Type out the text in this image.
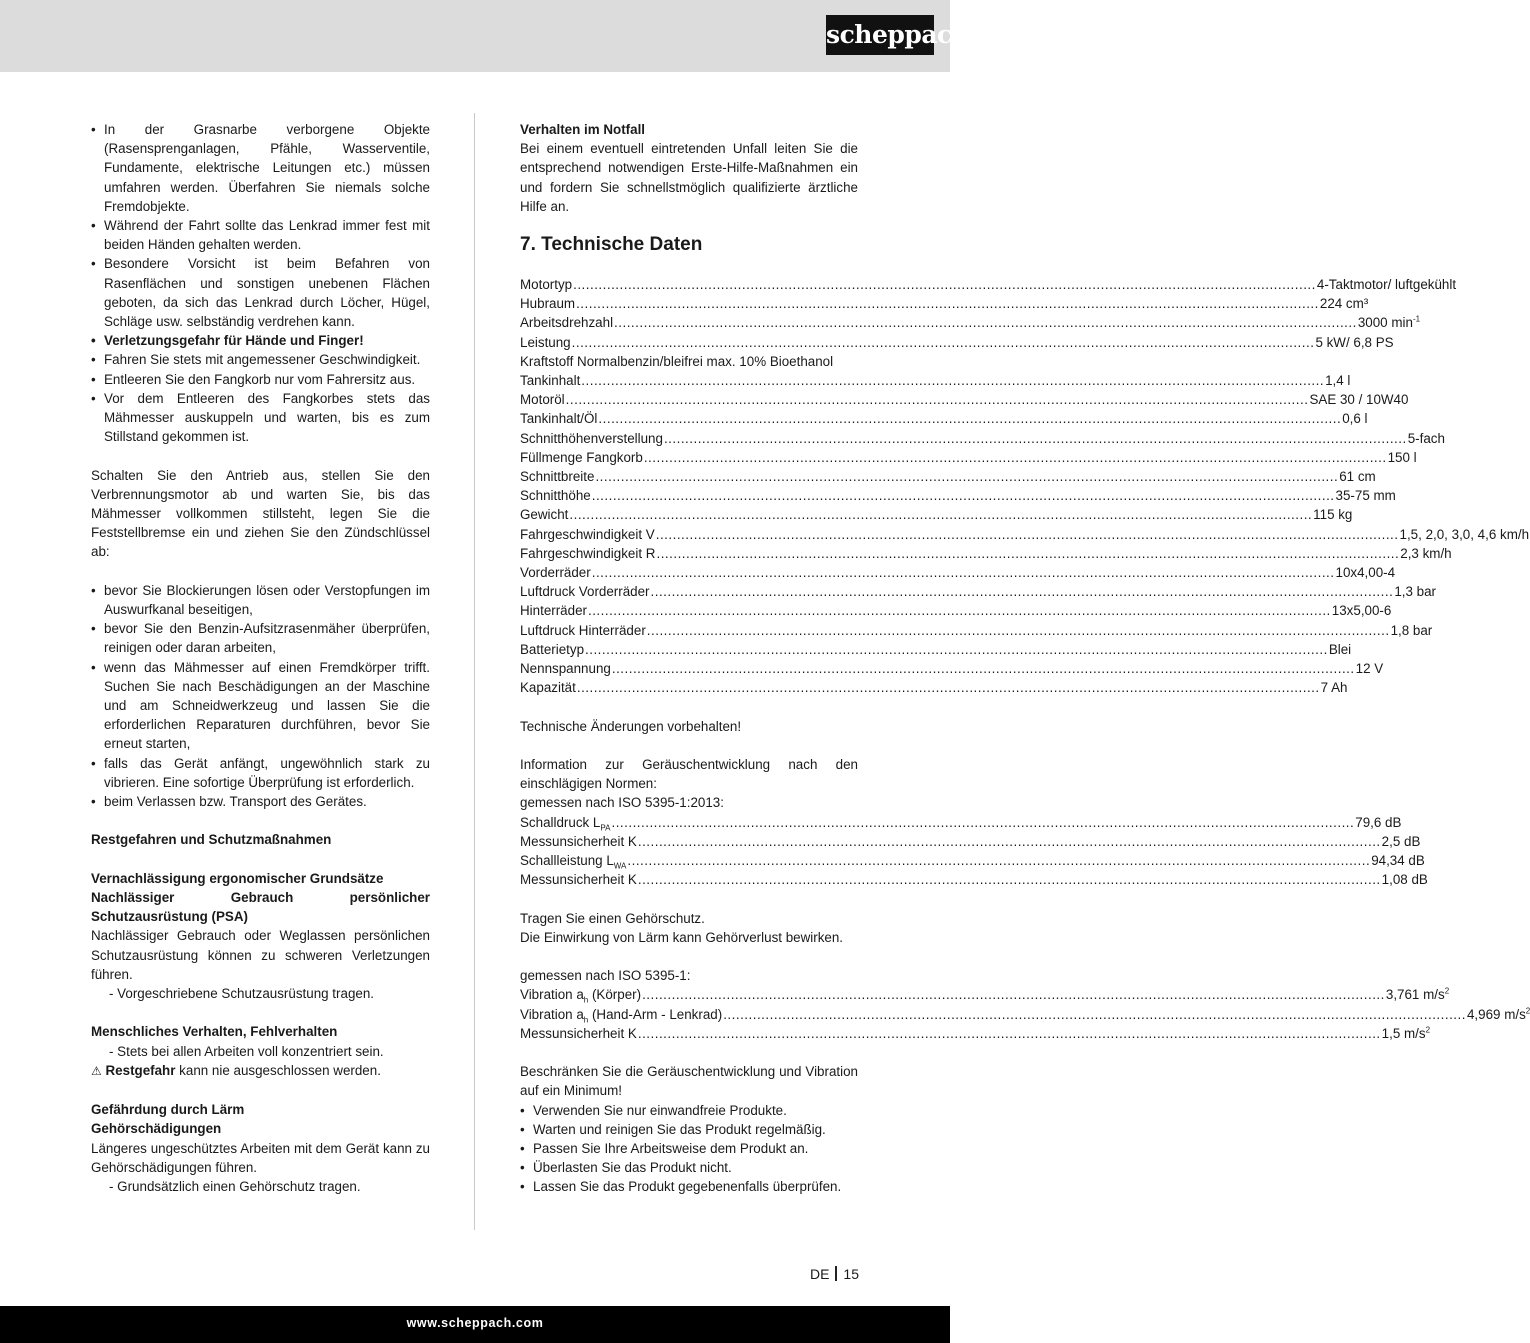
scheppach
• In der Grasnarbe verborgene Objekte (Rasensprenganlagen, Pfähle, Wasserventile, Fundamente, elektrische Leitungen etc.) müssen umfahren werden. Überfahren Sie niemals solche Fremdobjekte.
• Während der Fahrt sollte das Lenkrad immer fest mit beiden Händen gehalten werden.
• Besondere Vorsicht ist beim Befahren von Rasenflächen und sonstigen unebenen Flächen geboten, da sich das Lenkrad durch Löcher, Hügel, Schläge usw. selbständig verdrehen kann.
• Verletzungsgefahr für Hände und Finger!
• Fahren Sie stets mit angemessener Geschwindigkeit.
• Entleeren Sie den Fangkorb nur vom Fahrersitz aus.
• Vor dem Entleeren des Fangkorbes stets das Mähmesser auskuppeln und warten, bis es zum Stillstand gekommen ist.

Schalten Sie den Antrieb aus, stellen Sie den Verbrennungsmotor ab und warten Sie, bis das Mähmesser vollkommen stillsteht, legen Sie die Feststellbremse ein und ziehen Sie den Zündschlüssel ab:

• bevor Sie Blockierungen lösen oder Verstopfungen im Auswurfkanal beseitigen,
• bevor Sie den Benzin-Aufsitzrasenmäher überprüfen, reinigen oder daran arbeiten,
• wenn das Mähmesser auf einen Fremdkörper trifft. Suchen Sie nach Beschädigungen an der Maschine und am Schneidwerkzeug und lassen Sie die erforderlichen Reparaturen durchführen, bevor Sie erneut starten,
• falls das Gerät anfängt, ungewöhnlich stark zu vibrieren. Eine sofortige Überprüfung ist erforderlich.
• beim Verlassen bzw. Transport des Gerätes.

Restgefahren und Schutzmaßnahmen

Vernachlässigung ergonomischer Grundsätze

Nachlässiger Gebrauch persönlicher Schutzausrüstung (PSA)

Nachlässiger Gebrauch oder Weglassen persönlichen Schutzausrüstung können zu schweren Verletzungen führen.

- Vorgeschriebene Schutzausrüstung tragen.

Menschliches Verhalten, Fehlverhalten

- Stets bei allen Arbeiten voll konzentriert sein.

⚠ Restgefahr kann nie ausgeschlossen werden.

Gefährdung durch Lärm

Gehörschädigungen

Längeres ungeschütztes Arbeiten mit dem Gerät kann zu Gehörschädigungen führen.

- Grundsätzlich einen Gehörschutz tragen.

Verhalten im Notfall

Bei einem eventuell eintretenden Unfall leiten Sie die entsprechend notwendigen Erste-Hilfe-Maßnahmen ein und fordern Sie schnellstmöglich qualifizierte ärztliche Hilfe an.

7. Technische Daten
Motortyp .....	4-Taktmotor/ luftgekühlt
Hubraum .....	224 cm³
Arbeitsdrehzahl .....	3000 $\min^{-1}$
Leistung .....	5 kW/ 6,8 PS
Kraftstoff Normalbenzin/bleifrei max. 10% Bioethanol
Tankinhalt .....	1,4 l
Motoröl .....	SAE 30 / 10W40
Tankinhalt/Öl .....	0,6 l
Schnitthöhenverstellung .....	5-fach
Füllmenge Fangkorb .....	150 l
Schnittbreite .....	61 cm
Schnitthöhe .....	35-75 mm
Gewicht .....	115 kg
Fahrgeschwindigkeit V .....	1,5, 2,0, 3,0, 4,6 km/h
Fahrgeschwindigkeit R .....	2,3 km/h
Vorderräder .....	10x4,00-4
Luftdruck Vorderräder .....	1,3 bar
Hinterräder .....	13x5,00-6
Luftdruck Hinterräder .....	1,8 bar
Batterietyp .....	Blei
Nennspannung .....	12 V
Kapazität .....	7 Ah

Technische Änderungen vorbehalten!

Information zur Geräuschentwicklung nach den einschlägigen Normen:

gemessen nach ISO 5395-1:2013:

Schalldruck $L_{PA}$ .....	79,6 dB
Messunsicherheit K .....	2,5 dB
Schallleistung $L_{WA}$ .....	94,34 dB
Messunsicherheit K .....	1,08 dB

Tragen Sie einen Gehörschutz.

Die Einwirkung von Lärm kann Gehörverlust bewirken.

gemessen nach ISO 5395-1:

Vibration $a_h$ (Körper) .....	3,761 $m/s^2$
Vibration $a_h$ (Hand-Arm - Lenkrad) .....	4,969 $m/s^2$
Messunsicherheit K .....	1,5 $m/s^2$

Beschränken Sie die Geräuschentwicklung und Vibration auf ein Minimum!

• Verwenden Sie nur einwandfreie Produkte.
• Warten und reinigen Sie das Produkt regelmäßig.
• Passen Sie Ihre Arbeitsweise dem Produkt an.
• Überlasten Sie das Produkt nicht.
• Lassen Sie das Produkt gegebenenfalls überprüfen.
DE 15
www.scheppach.com
